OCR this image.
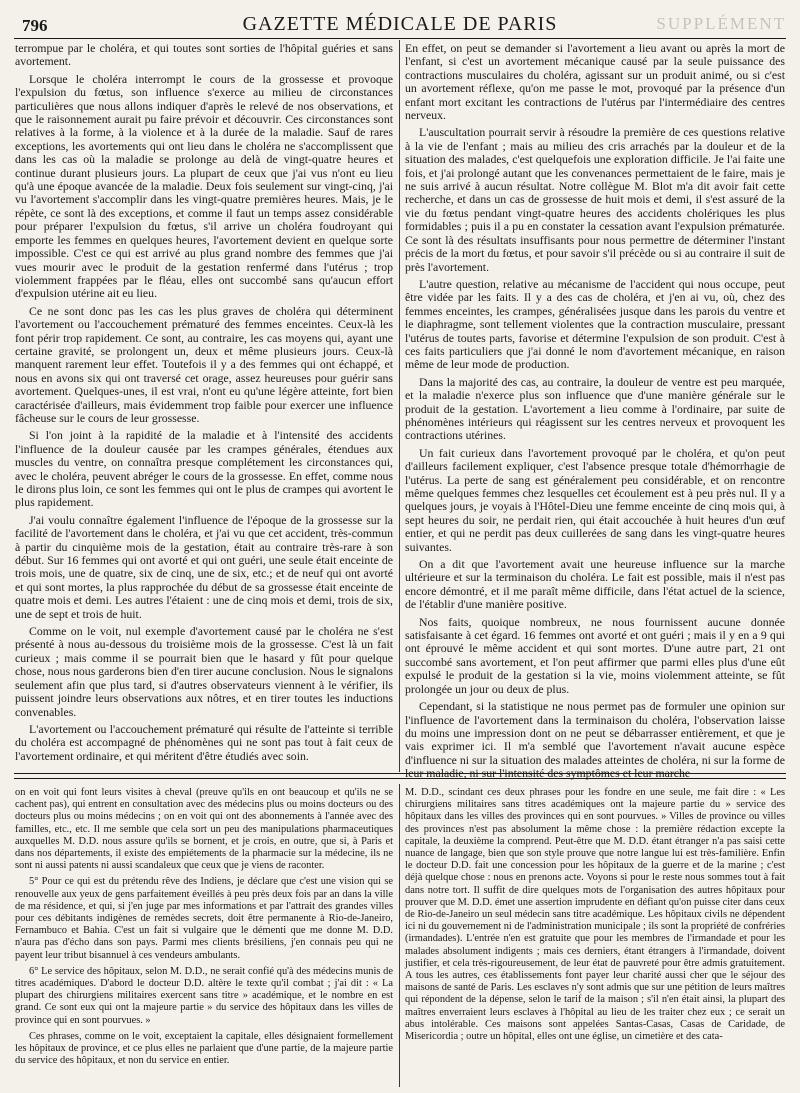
796	GAZETTE MÉDICALE DE PARIS	SUPPLÉMENT

terrompue par le choléra, et qui toutes sont sorties de l'hôpital guéries et sans avortement.

Lorsque le choléra interrompt le cours de la grossesse et provoque l'expulsion du fœtus, son influence s'exerce au milieu de circonstances particulières que nous allons indiquer d'après le relevé de nos observations, et que le raisonnement aurait pu faire prévoir et découvrir. Ces circonstances sont relatives à la forme, à la violence et à la durée de la maladie. Sauf de rares exceptions, les avortements qui ont lieu dans le choléra ne s'accomplissent que dans les cas où la maladie se prolonge au delà de vingt-quatre heures et continue durant plusieurs jours. La plupart de ceux que j'ai vus n'ont eu lieu qu'à une époque avancée de la maladie. Deux fois seulement sur vingt-cinq, j'ai vu l'avortement s'accomplir dans les vingt-quatre premières heures. Mais, je le répète, ce sont là des exceptions, et comme il faut un temps assez considérable pour préparer l'expulsion du fœtus, s'il arrive un choléra foudroyant qui emporte les femmes en quelques heures, l'avortement devient en quelque sorte impossible. C'est ce qui est arrivé au plus grand nombre des femmes que j'ai vues mourir avec le produit de la gestation renfermé dans l'utérus ; trop violemment frappées par le fléau, elles ont succombé sans qu'aucun effort d'expulsion utérine ait eu lieu.

Ce ne sont donc pas les cas les plus graves de choléra qui déterminent l'avortement ou l'accouchement prématuré des femmes enceintes. Ceux-là les font périr trop rapidement. Ce sont, au contraire, les cas moyens qui, ayant une certaine gravité, se prolongent un, deux et même plusieurs jours. Ceux-là manquent rarement leur effet. Toutefois il y a des femmes qui ont échappé, et nous en avons six qui ont traversé cet orage, assez heureuses pour guérir sans avortement. Quelques-unes, il est vrai, n'ont eu qu'une légère atteinte, fort bien caractérisée d'ailleurs, mais évidemment trop faible pour exercer une influence fâcheuse sur le cours de leur grossesse.

Si l'on joint à la rapidité de la maladie et à l'intensité des accidents l'influence de la douleur causée par les crampes générales, étendues aux muscles du ventre, on connaîtra presque complétement les circonstances qui, avec le choléra, peuvent abréger le cours de la grossesse. En effet, comme nous le dirons plus loin, ce sont les femmes qui ont le plus de crampes qui avortent le plus rapidement.

J'ai voulu connaître également l'influence de l'époque de la grossesse sur la facilité de l'avortement dans le choléra, et j'ai vu que cet accident, très-commun à partir du cinquième mois de la gestation, était au contraire très-rare à son début. Sur 16 femmes qui ont avorté et qui ont guéri, une seule était enceinte de trois mois, une de quatre, six de cinq, une de six, etc.; et de neuf qui ont avorté et qui sont mortes, la plus rapprochée du début de sa grossesse était enceinte de quatre mois et demi. Les autres l'étaient : une de cinq mois et demi, trois de six, une de sept et trois de huit.

Comme on le voit, nul exemple d'avortement causé par le choléra ne s'est présenté à nous au-dessous du troisième mois de la grossesse. C'est là un fait curieux ; mais comme il se pourrait bien que le hasard y fût pour quelque chose, nous nous garderons bien d'en tirer aucune conclusion. Nous le signalons seulement afin que plus tard, si d'autres observateurs viennent à le vérifier, ils puissent joindre leurs observations aux nôtres, et en tirer toutes les inductions convenables.

L'avortement ou l'accouchement prématuré qui résulte de l'atteinte si terrible du choléra est accompagné de phénomènes qui ne sont pas tout à fait ceux de l'avortement ordinaire, et qui méritent d'être étudiés avec soin.

En effet, on peut se demander si l'avortement a lieu avant ou après la mort de l'enfant, si c'est un avortement mécanique causé par la seule puissance des contractions musculaires du choléra, agissant sur un produit animé, ou si c'est un avortement réflexe, qu'on me passe le mot, provoqué par la présence d'un enfant mort excitant les contractions de l'utérus par l'intermédiaire des centres nerveux.

L'auscultation pourrait servir à résoudre la première de ces questions relative à la vie de l'enfant ; mais au milieu des cris arrachés par la douleur et de la situation des malades, c'est quelquefois une exploration difficile. Je l'ai faite une fois, et j'ai prolongé autant que les convenances permettaient de le faire, mais je ne suis arrivé à aucun résultat. Notre collègue M. Blot m'a dit avoir fait cette recherche, et dans un cas de grossesse de huit mois et demi, il s'est assuré de la vie du fœtus pendant vingt-quatre heures des accidents cholériques les plus formidables ; puis il a pu en constater la cessation avant l'expulsion prématurée. Ce sont là des résultats insuffisants pour nous permettre de déterminer l'instant précis de la mort du fœtus, et pour savoir s'il précède ou si au contraire il suit de près l'avortement.

L'autre question, relative au mécanisme de l'accident qui nous occupe, peut être vidée par les faits. Il y a des cas de choléra, et j'en ai vu, où, chez des femmes enceintes, les crampes, généralisées jusque dans les parois du ventre et le diaphragme, sont tellement violentes que la contraction musculaire, pressant l'utérus de toutes parts, favorise et détermine l'expulsion de son produit. C'est à ces faits particuliers que j'ai donné le nom d'avortement mécanique, en raison même de leur mode de production.

Dans la majorité des cas, au contraire, la douleur de ventre est peu marquée, et la maladie n'exerce plus son influence que d'une manière générale sur le produit de la gestation. L'avortement a lieu comme à l'ordinaire, par suite de phénomènes intérieurs qui réagissent sur les centres nerveux et provoquent les contractions utérines.

Un fait curieux dans l'avortement provoqué par le choléra, et qu'on peut d'ailleurs facilement expliquer, c'est l'absence presque totale d'hémorrhagie de l'utérus. La perte de sang est généralement peu considérable, et on rencontre même quelques femmes chez lesquelles cet écoulement est à peu près nul. Il y a quelques jours, je voyais à l'Hôtel-Dieu une femme enceinte de cinq mois qui, à sept heures du soir, ne perdait rien, qui était accouchée à huit heures d'un œuf entier, et qui ne perdit pas deux cuillerées de sang dans les vingt-quatre heures suivantes.

On a dit que l'avortement avait une heureuse influence sur la marche ultérieure et sur la terminaison du choléra. Le fait est possible, mais il n'est pas encore démontré, et il me paraît même difficile, dans l'état actuel de la science, de l'établir d'une manière positive.

Nos faits, quoique nombreux, ne nous fournissent aucune donnée satisfaisante à cet égard. 16 femmes ont avorté et ont guéri ; mais il y en a 9 qui ont éprouvé le même accident et qui sont mortes. D'une autre part, 21 ont succombé sans avortement, et l'on peut affirmer que parmi elles plus d'une eût expulsé le produit de la gestation si la vie, moins violemment atteinte, se fût prolongée un jour ou deux de plus.

Cependant, si la statistique ne nous permet pas de formuler une opinion sur l'influence de l'avortement dans la terminaison du choléra, l'observation laisse du moins une impression dont on ne peut se débarrasser entièrement, et que je vais exprimer ici. Il m'a semblé que l'avortement n'avait aucune espèce d'influence ni sur la situation des malades atteintes de choléra, ni sur la forme de leur maladie, ni sur l'intensité des symptômes et leur marche

on en voit qui font leurs visites à cheval (preuve qu'ils en ont beaucoup et qu'ils ne se cachent pas), qui entrent en consultation avec des médecins plus ou moins docteurs ou des docteurs plus ou moins médecins ; on en voit qui ont des abonnements à l'année avec des familles, etc., etc. Il me semble que cela sort un peu des manipulations pharmaceutiques auxquelles M. D.D. nous assure qu'ils se bornent, et je crois, en outre, que si, à Paris et dans nos départements, il existe des empiétements de la pharmacie sur la médecine, ils ne sont ni aussi patents ni aussi scandaleux que ceux que je viens de raconter.

5° Pour ce qui est du prétendu rêve des Indiens, je déclare que c'est une vision qui se renouvelle aux yeux de gens parfaitement éveillés à peu près deux fois par an dans la ville de ma résidence, et qui, si j'en juge par mes informations et par l'attrait des grandes villes pour ces débitants indigènes de remèdes secrets, doit être permanente à Rio-de-Janeiro, Fernambuco et Bahia. C'est un fait si vulgaire que le démenti que me donne M. D.D. n'aura pas d'écho dans son pays. Parmi mes clients brésiliens, j'en connais peu qui ne payent leur tribut bisannuel à ces vendeurs ambulants.

6° Le service des hôpitaux, selon M. D.D., ne serait confié qu'à des médecins munis de titres académiques. D'abord le docteur D.D. altère le texte qu'il combat ; j'ai dit : « La plupart des chirurgiens militaires exercent sans titre » académique, et le nombre en est grand. Ce sont eux qui ont la majeure partie » du service des hôpitaux dans les villes de province qui en sont pourvues. »

Ces phrases, comme on le voit, exceptaient la capitale, elles désignaient formellement les hôpitaux de province, et ce plus elles ne parlaient que d'une partie, de la majeure partie du service des hôpitaux, et non du service en entier.

M. D.D., scindant ces deux phrases pour les fondre en une seule, me fait dire : « Les chirurgiens militaires sans titres académiques ont la majeure partie du » service des hôpitaux dans les villes des provinces qui en sont pourvues. » Villes de province ou villes des provinces n'est pas absolument la même chose : la première rédaction excepte la capitale, la deuxième la comprend. Peut-être que M. D.D. étant étranger n'a pas saisi cette nuance de langage, bien que son style prouve que notre langue lui est très-familière. Enfin le docteur D.D. fait une concession pour les hôpitaux de la guerre et de la marine ; c'est déjà quelque chose : nous en prenons acte. Voyons si pour le reste nous sommes tout à fait dans notre tort. Il suffit de dire quelques mots de l'organisation des autres hôpitaux pour prouver que M. D.D. émet une assertion imprudente en défiant qu'on puisse citer dans ceux de Rio-de-Janeiro un seul médecin sans titre académique. Les hôpitaux civils ne dépendent ici ni du gouvernement ni de l'administration municipale ; ils sont la propriété de confréries (irmandades). L'entrée n'en est gratuite que pour les membres de l'irmandade et pour les malades absolument indigents ; mais ces derniers, étant étrangers à l'irmandade, doivent justifier, et cela très-rigoureusement, de leur état de pauvreté pour être admis gratuitement. A tous les autres, ces établissements font payer leur charité aussi cher que le séjour des maisons de santé de Paris. Les esclaves n'y sont admis que sur une pétition de leurs maîtres qui répondent de la dépense, selon le tarif de la maison ; s'il n'en était ainsi, la plupart des maîtres enverraient leurs esclaves à l'hôpital au lieu de les traiter chez eux ; ce serait un abus intolérable. Ces maisons sont appelées Santas-Casas, Casas de Caridade, de Misericordia ; outre un hôpital, elles ont une église, un cimetière et des cata-
